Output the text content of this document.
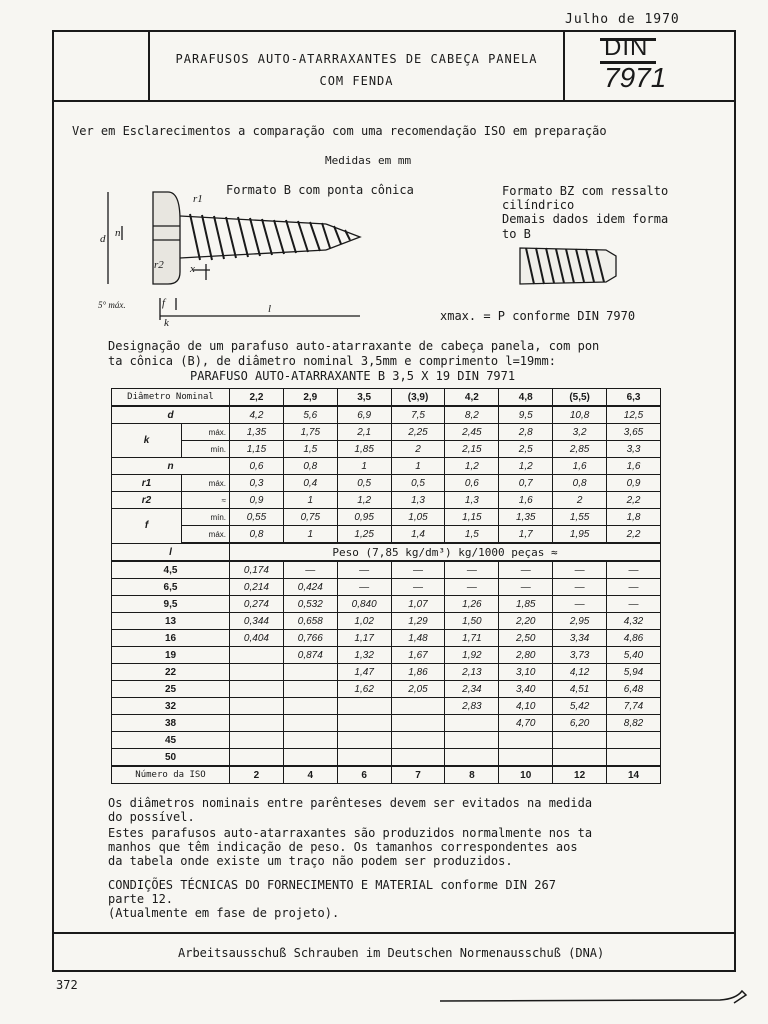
Julho de 1970
PARAFUSOS AUTO-ATARRAXANTES DE CABEÇA PANELA
COM FENDA
DIN
7971
Ver em Esclarecimentos a comparação com uma recomendação ISO em preparação
Medidas em mm
Formato B com ponta cônica	Formato BZ com ressalto
cilíndrico
Demais dados idem forma
to B
d n
r1
r2 x
f
k
l
5° máx.
xmax. = P conforme DIN 7970
Designação de um parafuso auto-atarraxante de cabeça panela, com pon
ta cônica (B), de diâmetro nominal 3,5mm e comprimento l=19mm:
PARAFUSO AUTO-ATARRAXANTE B 3,5 X 19 DIN 7971
Diâmetro Nominal		2,2	2,9	3,5	(3,9)	4,2	4,8	(5,5)	6,3
d		4,2	5,6	6,9	7,5	8,2	9,5	10,8	12,5
k	máx.	1,35	1,75	2,1	2,25	2,45	2,8	3,2	3,65
	mín.	1,15	1,5	1,85	2	2,15	2,5	2,85	3,3
n		0,6	0,8	1	1	1,2	1,2	1,6	1,6
r1	máx.	0,3	0,4	0,5	0,5	0,6	0,7	0,8	0,9
r2	≈	0,9	1	1,2	1,3	1,3	1,6	2	2,2
f	mín.	0,55	0,75	0,95	1,05	1,15	1,35	1,55	1,8
	máx.	0,8	1	1,25	1,4	1,5	1,7	1,95	2,2
l		Peso (7,85 kg/dm³) kg/1000 peças ≈							
4,5		0,174	—	—	—	—	—	—	—
6,5		0,214	0,424	—	—	—	—	—	—
9,5		0,274	0,532	0,840	1,07	1,26	1,85	—	—
13		0,344	0,658	1,02	1,29	1,50	2,20	2,95	4,32
16		0,404	0,766	1,17	1,48	1,71	2,50	3,34	4,86
19			0,874	1,32	1,67	1,92	2,80	3,73	5,40
22				1,47	1,86	2,13	3,10	4,12	5,94
25				1,62	2,05	2,34	3,40	4,51	6,48
32						2,83	4,10	5,42	7,74
38							4,70	6,20	8,82
45									
50									
Número da ISO		2	4	6	7	8	10	12	14
Os diâmetros nominais entre parênteses devem ser evitados na medida
do possível.
Estes parafusos auto-atarraxantes são produzidos normalmente nos ta
manhos que têm indicação de peso. Os tamanhos correspondentes aos
da tabela onde existe um traço não podem ser produzidos.
CONDIÇÕES TÉCNICAS DO FORNECIMENTO E MATERIAL conforme DIN 267
parte 12.
(Atualmente em fase de projeto).
Arbeitsausschuß Schrauben im Deutschen Normenausschuß (DNA)
372
